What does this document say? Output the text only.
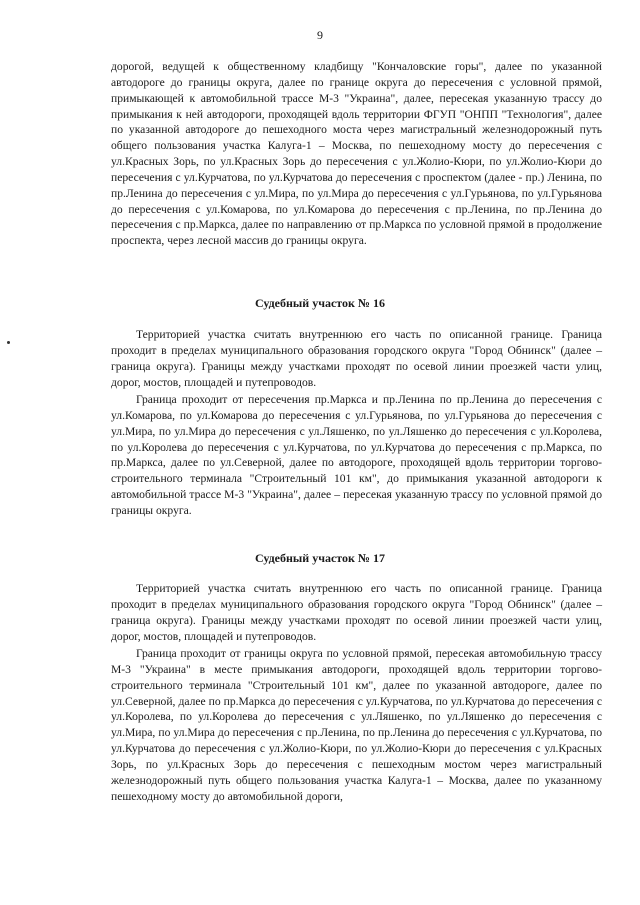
9

дорогой, ведущей к общественному кладбищу "Кончаловские горы", далее по указанной автодороге до границы округа, далее по границе округа до пересечения с условной прямой, примыкающей к автомобильной трассе М-3 "Украина", далее, пересекая указанную трассу до примыкания к ней автодороги, проходящей вдоль территории ФГУП "ОНПП "Технология", далее по указанной автодороге до пешеходного моста через магистральный железнодорожный путь общего пользования участка Калуга-1 – Москва, по пешеходному мосту до пересечения с ул.Красных Зорь, по ул.Красных Зорь до пересечения с ул.Жолио-Кюри, по ул.Жолио-Кюри до пересечения с ул.Курчатова, по ул.Курчатова до пересечения с проспектом (далее - пр.) Ленина, по пр.Ленина до пересечения с ул.Мира, по ул.Мира до пересечения с ул.Гурьянова, по ул.Гурьянова до пересечения с ул.Комарова, по ул.Комарова до пересечения с пр.Ленина, по пр.Ленина до пересечения с пр.Маркса, далее по направлению от пр.Маркса по условной прямой в продолжение проспекта, через лесной массив до границы округа.

Судебный участок № 16

Территорией участка считать внутреннюю его часть по описанной границе. Граница проходит в пределах муниципального образования городского округа "Город Обнинск" (далее – граница округа). Границы между участками проходят по осевой линии проезжей части улиц, дорог, мостов, площадей и путепроводов.

Граница проходит от пересечения пр.Маркса и пр.Ленина по пр.Ленина до пересечения с ул.Комарова, по ул.Комарова до пересечения с ул.Гурьянова, по ул.Гурьянова до пересечения с ул.Мира, по ул.Мира до пересечения с ул.Ляшенко, по ул.Ляшенко до пересечения с ул.Королева, по ул.Королева до пересечения с ул.Курчатова, по ул.Курчатова до пересечения с пр.Маркса, по пр.Маркса, далее по ул.Северной, далее по автодороге, проходящей вдоль территории торгово-строительного терминала "Строительный 101 км", до примыкания указанной автодороги к автомобильной трассе М-3 "Украина", далее – пересекая указанную трассу по условной прямой до границы округа.

Судебный участок № 17

Территорией участка считать внутреннюю его часть по описанной границе. Граница проходит в пределах муниципального образования городского округа "Город Обнинск" (далее – граница округа). Границы между участками проходят по осевой линии проезжей части улиц, дорог, мостов, площадей и путепроводов.

Граница проходит от границы округа по условной прямой, пересекая автомобильную трассу М-3 "Украина" в месте примыкания автодороги, проходящей вдоль территории торгово-строительного терминала "Строительный 101 км", далее по указанной автодороге, далее по ул.Северной, далее по пр.Маркса до пересечения с ул.Курчатова, по ул.Курчатова до пересечения с ул.Королева, по ул.Королева до пересечения с ул.Ляшенко, по ул.Ляшенко до пересечения с ул.Мира, по ул.Мира до пересечения с пр.Ленина, по пр.Ленина до пересечения с ул.Курчатова, по ул.Курчатова до пересечения с ул.Жолио-Кюри, по ул.Жолио-Кюри до пересечения с ул.Красных Зорь, по ул.Красных Зорь до пересечения с пешеходным мостом через магистральный железнодорожный путь общего пользования участка Калуга-1 – Москва, далее по указанному пешеходному мосту до автомобильной дороги,
